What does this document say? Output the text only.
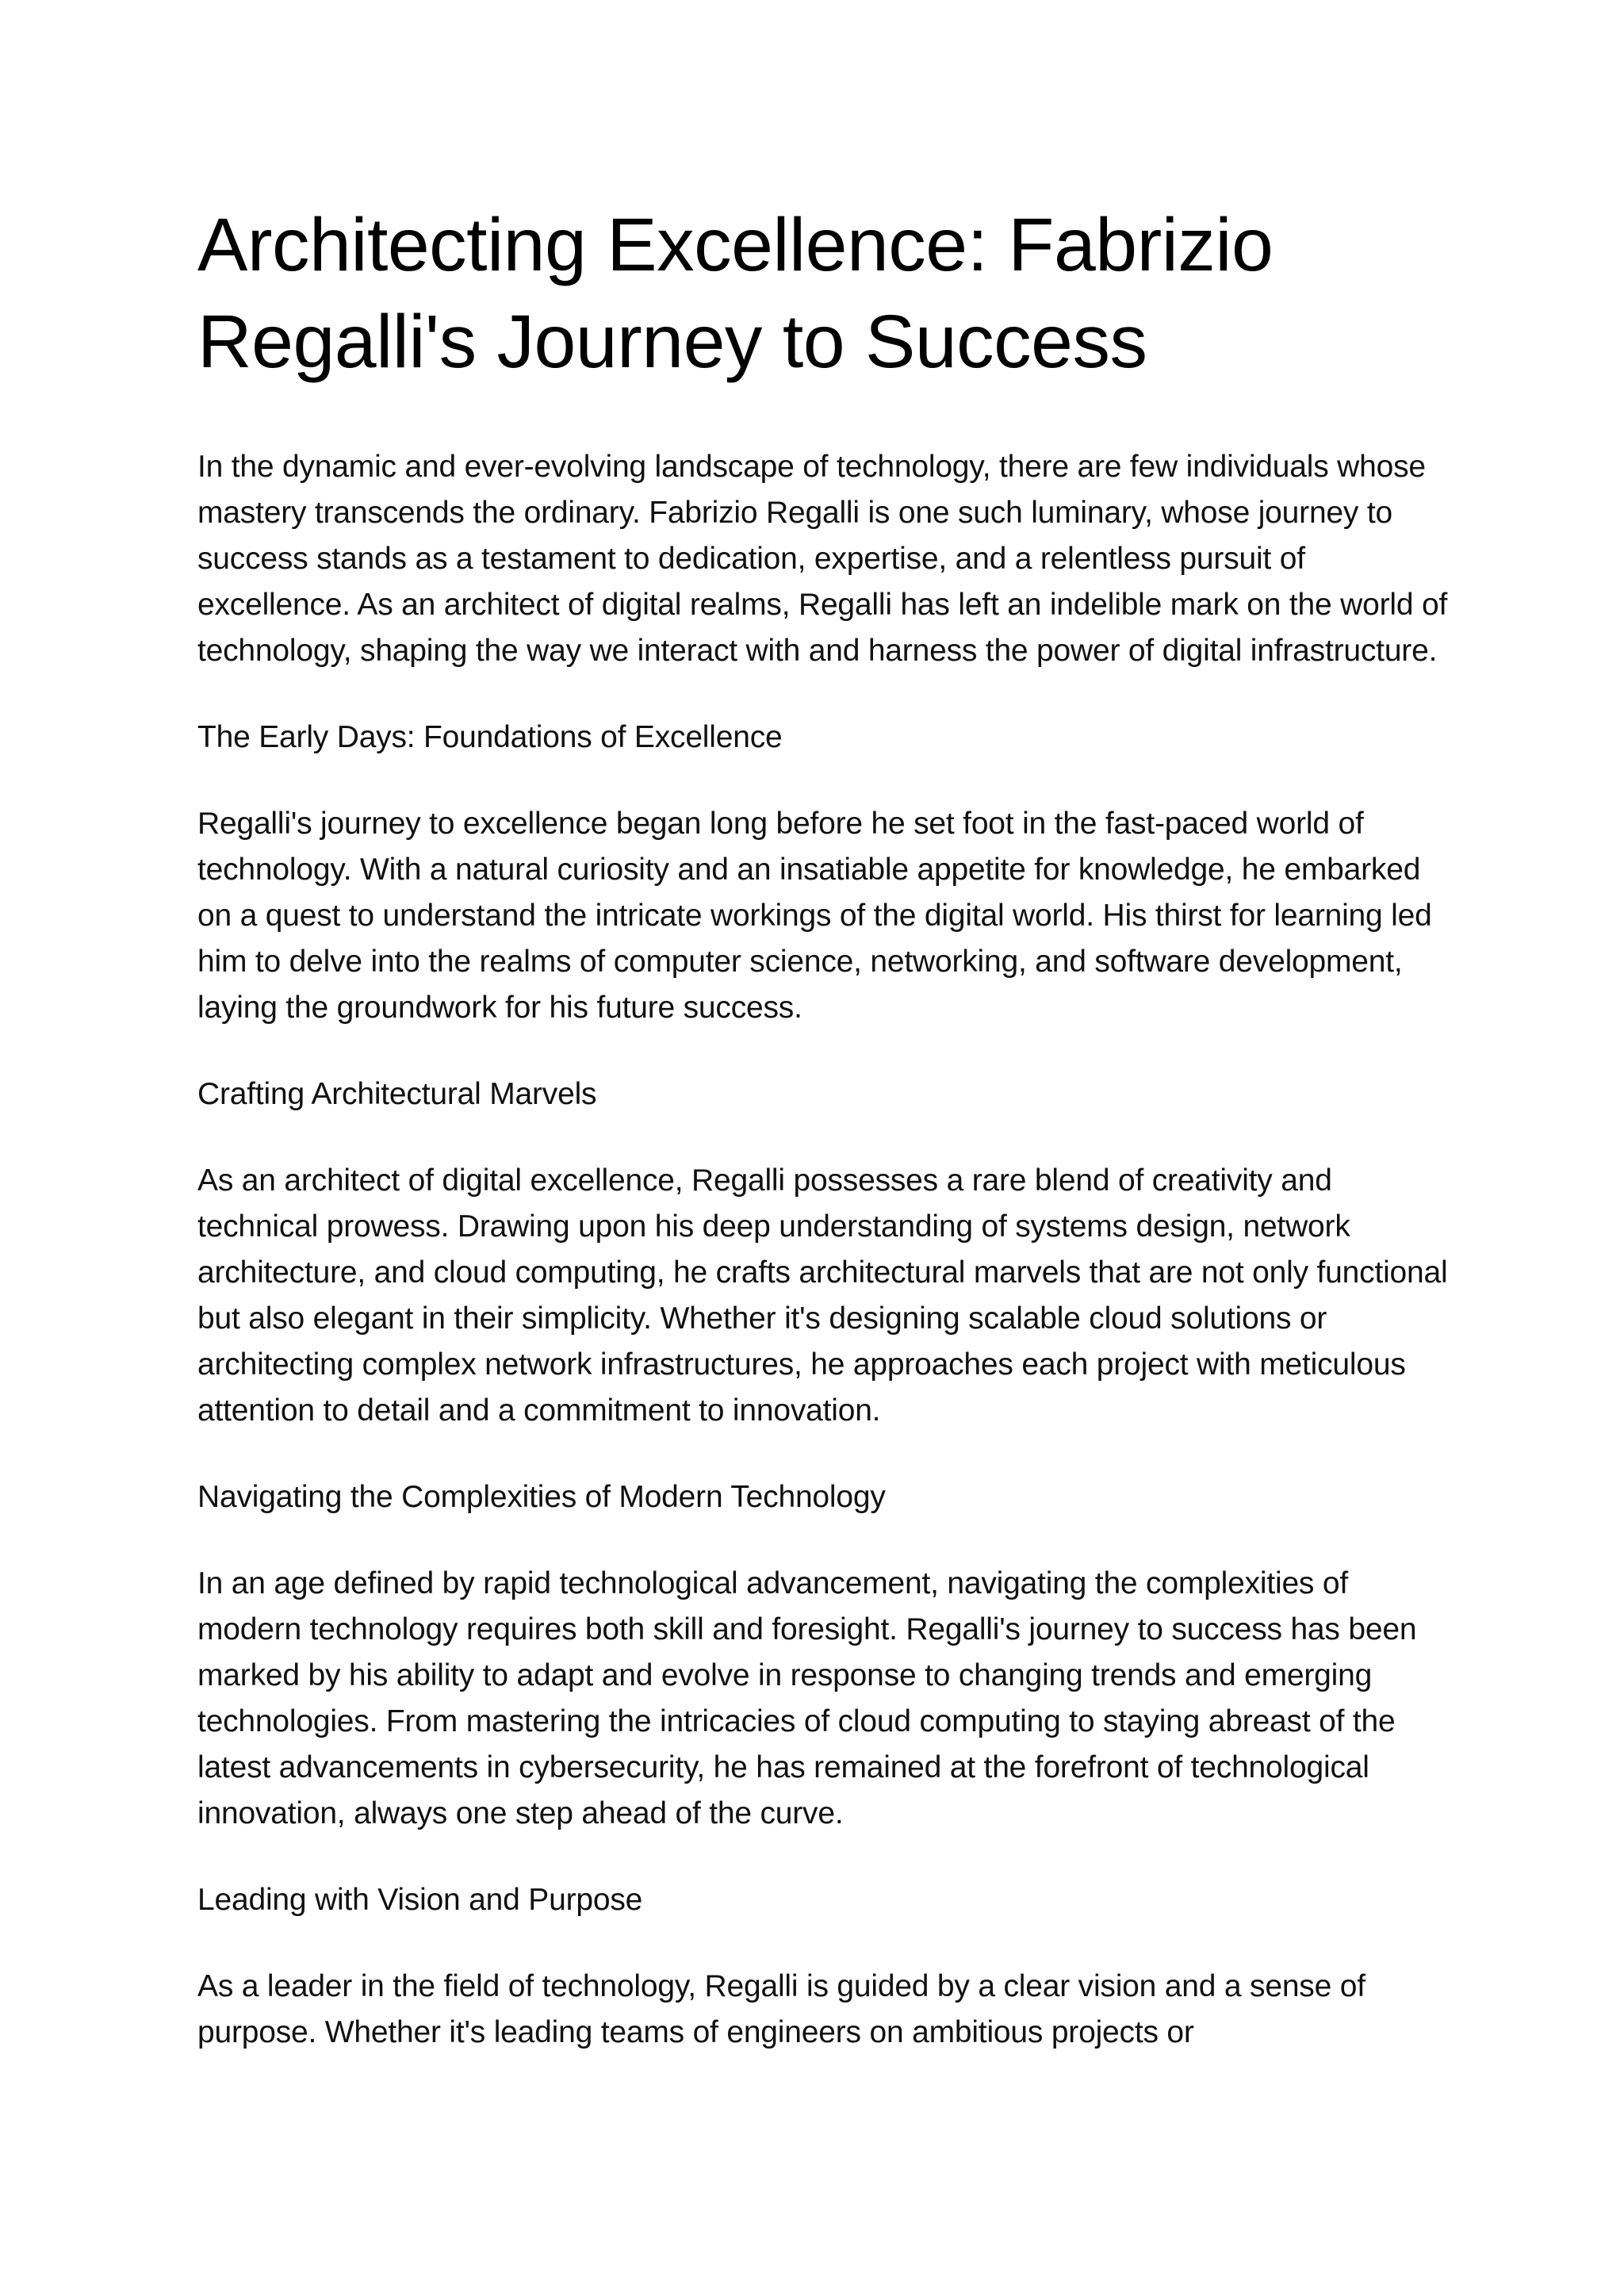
Architecting Excellence: Fabrizio Regalli's Journey to Success

In the dynamic and ever-evolving landscape of technology, there are few individuals whose mastery transcends the ordinary. Fabrizio Regalli is one such luminary, whose journey to success stands as a testament to dedication, expertise, and a relentless pursuit of excellence. As an architect of digital realms, Regalli has left an indelible mark on the world of technology, shaping the way we interact with and harness the power of digital infrastructure.

The Early Days: Foundations of Excellence

Regalli's journey to excellence began long before he set foot in the fast-paced world of technology. With a natural curiosity and an insatiable appetite for knowledge, he embarked on a quest to understand the intricate workings of the digital world. His thirst for learning led him to delve into the realms of computer science, networking, and software development, laying the groundwork for his future success.

Crafting Architectural Marvels

As an architect of digital excellence, Regalli possesses a rare blend of creativity and technical prowess. Drawing upon his deep understanding of systems design, network architecture, and cloud computing, he crafts architectural marvels that are not only functional but also elegant in their simplicity. Whether it's designing scalable cloud solutions or architecting complex network infrastructures, he approaches each project with meticulous attention to detail and a commitment to innovation.

Navigating the Complexities of Modern Technology

In an age defined by rapid technological advancement, navigating the complexities of modern technology requires both skill and foresight. Regalli's journey to success has been marked by his ability to adapt and evolve in response to changing trends and emerging technologies. From mastering the intricacies of cloud computing to staying abreast of the latest advancements in cybersecurity, he has remained at the forefront of technological innovation, always one step ahead of the curve.

Leading with Vision and Purpose

As a leader in the field of technology, Regalli is guided by a clear vision and a sense of purpose. Whether it's leading teams of engineers on ambitious projects or
